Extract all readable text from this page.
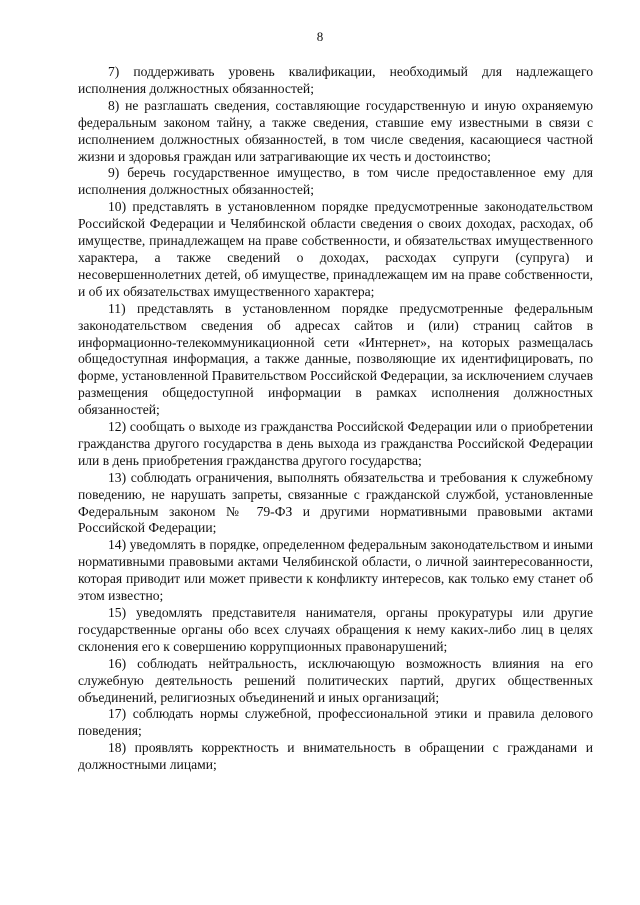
8

7) поддерживать уровень квалификации, необходимый для надлежащего исполнения должностных обязанностей;

8) не разглашать сведения, составляющие государственную и иную охраняемую федеральным законом тайну, а также сведения, ставшие ему известными в связи с исполнением должностных обязанностей, в том числе сведения, касающиеся частной жизни и здоровья граждан или затрагивающие их честь и достоинство;

9) беречь государственное имущество, в том числе предоставленное ему для исполнения должностных обязанностей;

10) представлять в установленном порядке предусмотренные законодательством Российской Федерации и Челябинской области сведения о своих доходах, расходах, об имуществе, принадлежащем на праве собственности, и обязательствах имущественного характера, а также сведений о доходах, расходах супруги (супруга) и несовершеннолетних детей, об имуществе, принадлежащем им на праве собственности, и об их обязательствах имущественного характера;

11) представлять в установленном порядке предусмотренные федеральным законодательством сведения об адресах сайтов и (или) страниц сайтов в информационно-телекоммуникационной сети «Интернет», на которых размещалась общедоступная информация, а также данные, позволяющие их идентифицировать, по форме, установленной Правительством Российской Федерации, за исключением случаев размещения общедоступной информации в рамках исполнения должностных обязанностей;

12) сообщать о выходе из гражданства Российской Федерации или о приобретении гражданства другого государства в день выхода из гражданства Российской Федерации или в день приобретения гражданства другого государства;

13) соблюдать ограничения, выполнять обязательства и требования к служебному поведению, не нарушать запреты, связанные с гражданской службой, установленные Федеральным законом № 79-ФЗ и другими нормативными правовыми актами Российской Федерации;

14) уведомлять в порядке, определенном федеральным законодательством и иными нормативными правовыми актами Челябинской области, о личной заинтересованности, которая приводит или может привести к конфликту интересов, как только ему станет об этом известно;

15) уведомлять представителя нанимателя, органы прокуратуры или другие государственные органы обо всех случаях обращения к нему каких-либо лиц в целях склонения его к совершению коррупционных правонарушений;

16) соблюдать нейтральность, исключающую возможность влияния на его служебную деятельность решений политических партий, других общественных объединений, религиозных объединений и иных организаций;

17) соблюдать нормы служебной, профессиональной этики и правила делового поведения;

18) проявлять корректность и внимательность в обращении с гражданами и должностными лицами;
